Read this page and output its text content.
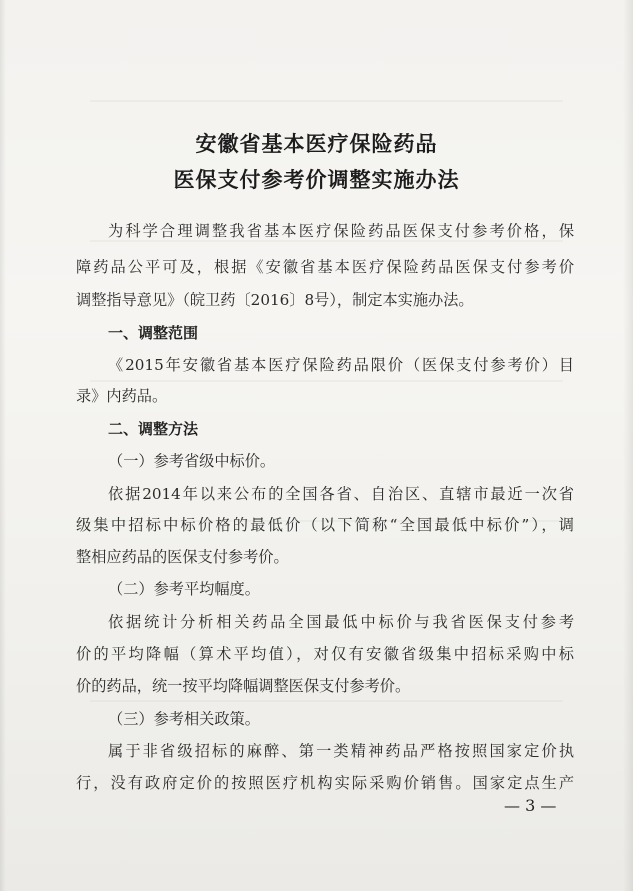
安徽省基本医疗保险药品
医保支付参考价调整实施办法
为科学合理调整我省基本医疗保险药品医保支付参考价格，保
障药品公平可及，根据《安徽省基本医疗保险药品医保支付参考价
调整指导意见》（皖卫药〔2016〕8号），制定本实施办法。
一、调整范围
《2015年安徽省基本医疗保险药品限价（医保支付参考价）目
录》内药品。
二、调整方法
（一）参考省级中标价。
依据2014年以来公布的全国各省、自治区、直辖市最近一次省
级集中招标中标价格的最低价（以下简称“全国最低中标价”），调
整相应药品的医保支付参考价。
（二）参考平均幅度。
依据统计分析相关药品全国最低中标价与我省医保支付参考
价的平均降幅（算术平均值），对仅有安徽省级集中招标采购中标
价的药品，统一按平均降幅调整医保支付参考价。
（三）参考相关政策。
属于非省级招标的麻醉、第一类精神药品严格按照国家定价执
行，没有政府定价的按照医疗机构实际采购价销售。国家定点生产
— 3 —
